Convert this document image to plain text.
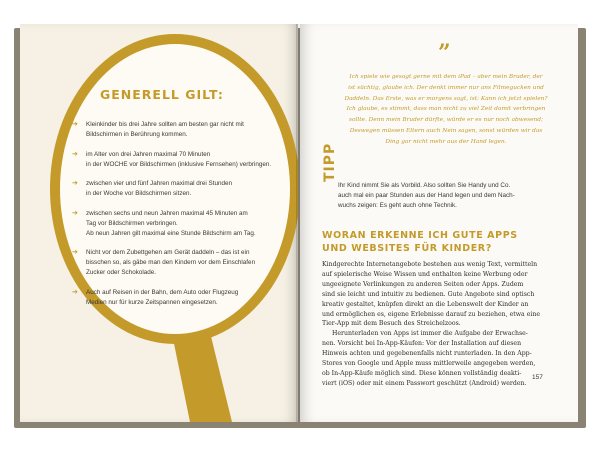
GENERELL GILT:
➔ Kleinkinder bis drei Jahre sollten am besten gar nicht mit
Bildschirmen in Berührung kommen.
➔ im Alter von drei Jahren maximal 70 Minuten
in der WOCHE vor Bildschirmen (inklusive Fernsehen) verbringen.
➔ zwischen vier und fünf Jahren maximal drei Stunden
in der Woche vor Bildschirmen sitzen.
➔ zwischen sechs und neun Jahren maximal 45 Minuten am
Tag vor Bildschirmen verbringen.
Ab neun Jahren gilt maximal eine Stunde Bildschirm am Tag.
➔ Nicht vor dem Zubettgehen am Gerät daddeln – das ist ein
bisschen so, als gäbe man den Kindern vor dem Einschlafen
Zucker oder Schokolade.
➔ Auch auf Reisen in der Bahn, dem Auto oder Flugzeug
Medien nur für kurze Zeitspannen eingesetzen.
”
Ich spiele wie gesagt gerne mit dem iPad – aber mein Bruder, der
ist süchtig, glaube ich. Der denkt immer nur ans Filmegucken und
Daddeln. Das Erste, was er morgens sagt, ist: Kann ich jetzt spielen?
Ich glaube, es stimmt, dass man nicht zu viel Zeit damit verbringen
sollte. Denn mein Bruder dürfte, würde er es nur noch abwesend;
Deswegen müssen Eltern auch Nein sagen, sonst würden wir das
Ding gar nicht mehr aus der Hand legen.
TIPP
Ihr Kind nimmt Sie als Vorbild. Also sollten Sie Handy und Co.
auch mal ein paar Stunden aus der Hand legen und dem Nach-
wuchs zeigen: Es geht auch ohne Technik.
WORAN ERKENNE ICH GUTE APPS
UND WEBSITES FÜR KINDER?
Kindgerechte Internetangebote bestehen aus wenig Text, vermitteln
auf spielerische Weise Wissen und enthalten keine Werbung oder
ungeeignete Verlinkungen zu anderen Seiten oder Apps. Zudem
sind sie leicht und intuitiv zu bedienen. Gute Angebote sind optisch
kreativ gestaltet, knüpfen direkt an die Lebenswelt der Kinder an
und ermöglichen es, eigene Erlebnisse darauf zu beziehen, etwa eine
Tier-App mit dem Besuch des Streichelzoos.
Herunterladen von Apps ist immer die Aufgabe der Erwachse-
nen. Vorsicht bei In-App-Käufen: Vor der Installation auf diesen
Hinweis achten und gegebenenfalls nicht runterladen. In den App-
Stores von Google und Apple muss mittlerweile angegeben werden,
ob In-App-Käufe möglich sind. Diese können vollständig deakti-
viert (iOS) oder mit einem Passwort geschützt (Android) werden.
157
